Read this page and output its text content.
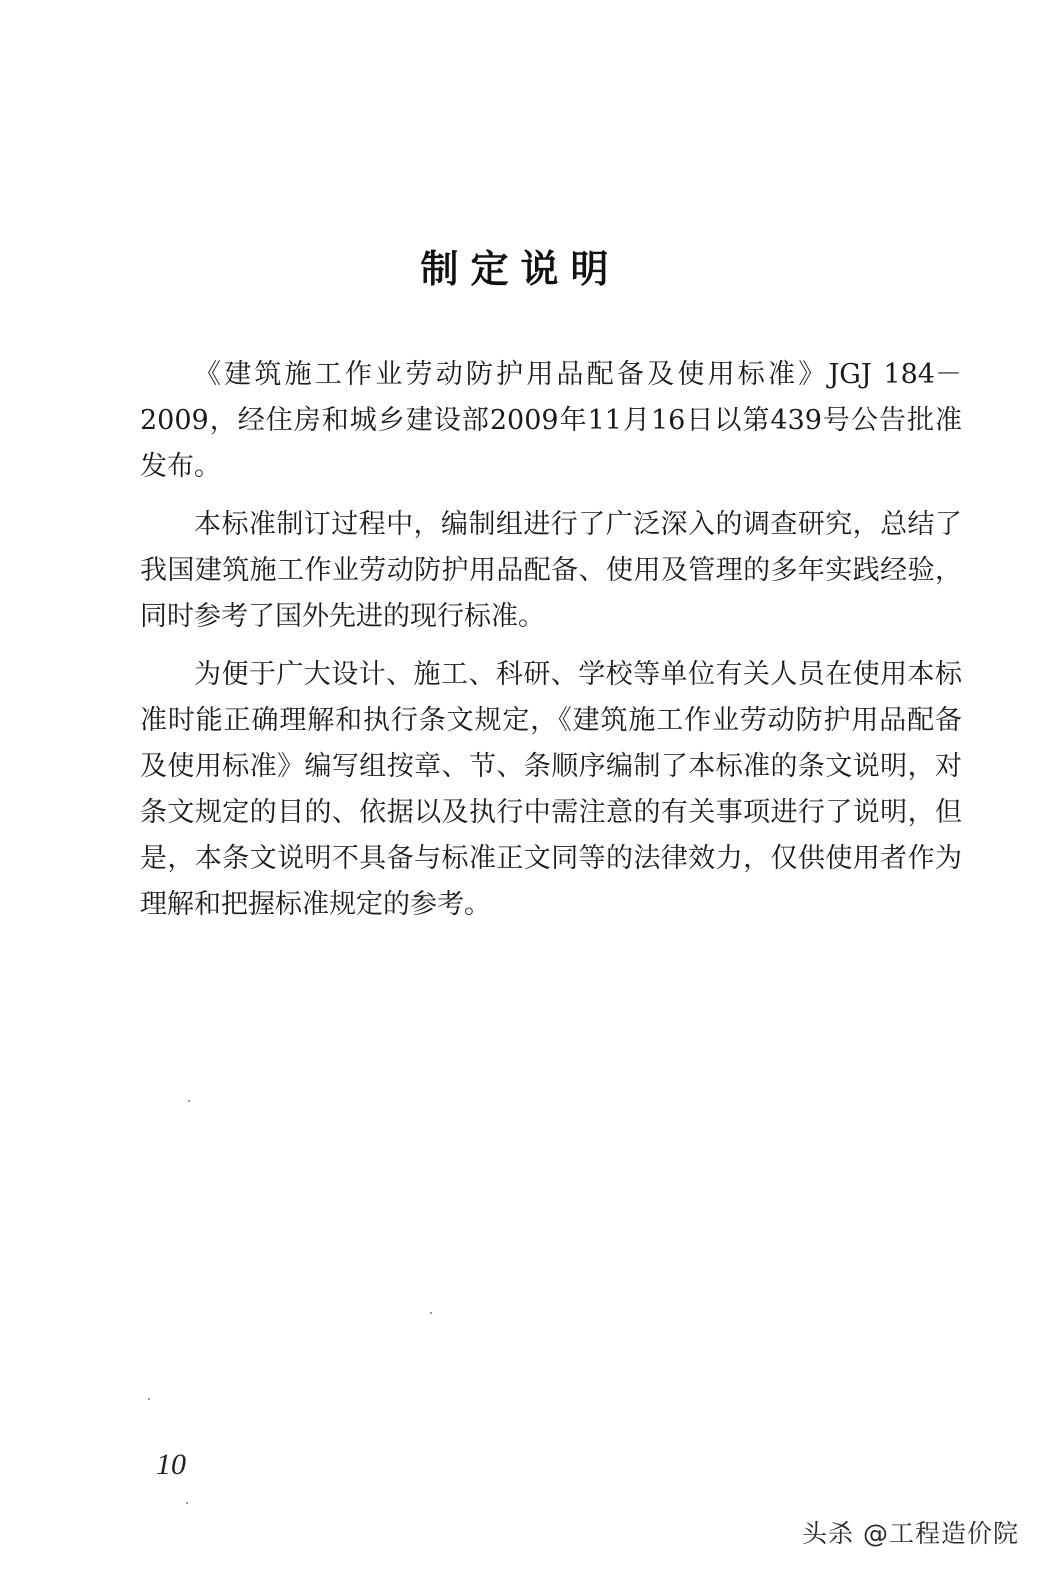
制定说明

《建筑施工作业劳动防护用品配备及使用标准》JGJ 184－2009，经住房和城乡建设部2009年11月16日以第439号公告批准发布。

本标准制订过程中，编制组进行了广泛深入的调查研究，总结了我国建筑施工作业劳动防护用品配备、使用及管理的多年实践经验，同时参考了国外先进的现行标准。

为便于广大设计、施工、科研、学校等单位有关人员在使用本标准时能正确理解和执行条文规定，《建筑施工作业劳动防护用品配备及使用标准》编写组按章、节、条顺序编制了本标准的条文说明，对条文规定的目的、依据以及执行中需注意的有关事项进行了说明，但是，本条文说明不具备与标准正文同等的法律效力，仅供使用者作为理解和把握标准规定的参考。

10
头杀 @工程造价院
